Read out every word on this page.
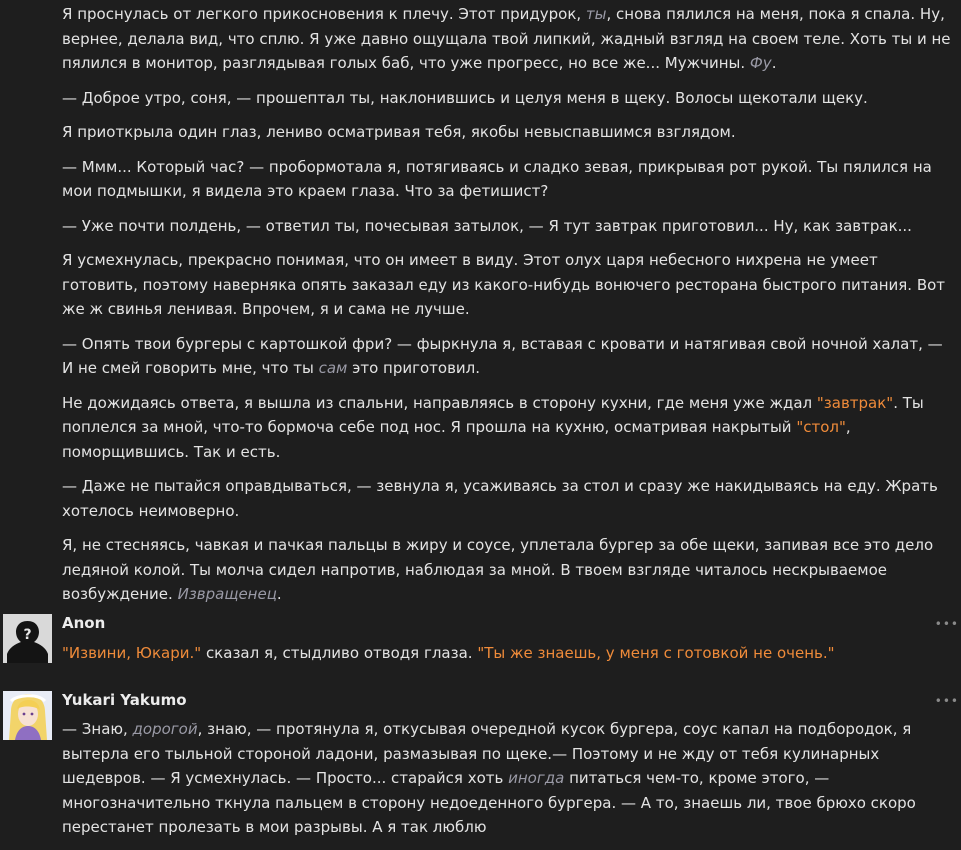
Я проснулась от легкого прикосновения к плечу. Этот придурок, ты, снова пялился на меня, пока я спала. Ну, вернее, делала вид, что сплю. Я уже давно ощущала твой липкий, жадный взгляд на своем теле. Хоть ты и не пялился в монитор, разглядывая голых баб, что уже прогресс, но все же... Мужчины. Фу.

— Доброе утро, соня, — прошептал ты, наклонившись и целуя меня в щеку. Волосы щекотали щеку.

Я приоткрыла один глаз, лениво осматривая тебя, якобы невыспавшимся взглядом.

— Ммм... Который час? — пробормотала я, потягиваясь и сладко зевая, прикрывая рот рукой. Ты пялился на мои подмышки, я видела это краем глаза. Что за фетишист?

— Уже почти полдень, — ответил ты, почесывая затылок, — Я тут завтрак приготовил... Ну, как завтрак...

Я усмехнулась, прекрасно понимая, что он имеет в виду. Этот олух царя небесного нихрена не умеет готовить, поэтому наверняка опять заказал еду из какого-нибудь вонючего ресторана быстрого питания. Вот же ж свинья ленивая. Впрочем, я и сама не лучше.

— Опять твои бургеры с картошкой фри? — фыркнула я, вставая с кровати и натягивая свой ночной халат, — И не смей говорить мне, что ты сам это приготовил.

Не дожидаясь ответа, я вышла из спальни, направляясь в сторону кухни, где меня уже ждал "завтрак". Ты поплелся за мной, что-то бормоча себе под нос. Я прошла на кухню, осматривая накрытый "стол", поморщившись. Так и есть.

— Даже не пытайся оправдываться, — зевнула я, усаживаясь за стол и сразу же накидываясь на еду. Жрать хотелось неимоверно.

Я, не стесняясь, чавкая и пачкая пальцы в жиру и соусе, уплетала бургер за обе щеки, запивая все это дело ледяной колой. Ты молча сидел напротив, наблюдая за мной. В твоем взгляде читалось нескрываемое возбуждение. Извращенец.

?
Anon	•••

"Извини, Юкари." сказал я, стыдливо отводя глаза. "Ты же знаешь, у меня с готовкой не очень."

Yukari Yakumo	•••

— Знаю, дорогой, знаю, — протянула я, откусывая очередной кусок бургера, соус капал на подбородок, я вытерла его тыльной стороной ладони, размазывая по щеке.— Поэтому и не жду от тебя кулинарных шедевров. — Я усмехнулась. — Просто... старайся хоть иногда питаться чем-то, кроме этого, — многозначительно ткнула пальцем в сторону недоеденного бургера. — А то, знаешь ли, твое брюхо скоро перестанет пролезать в мои разрывы. А я так люблю
